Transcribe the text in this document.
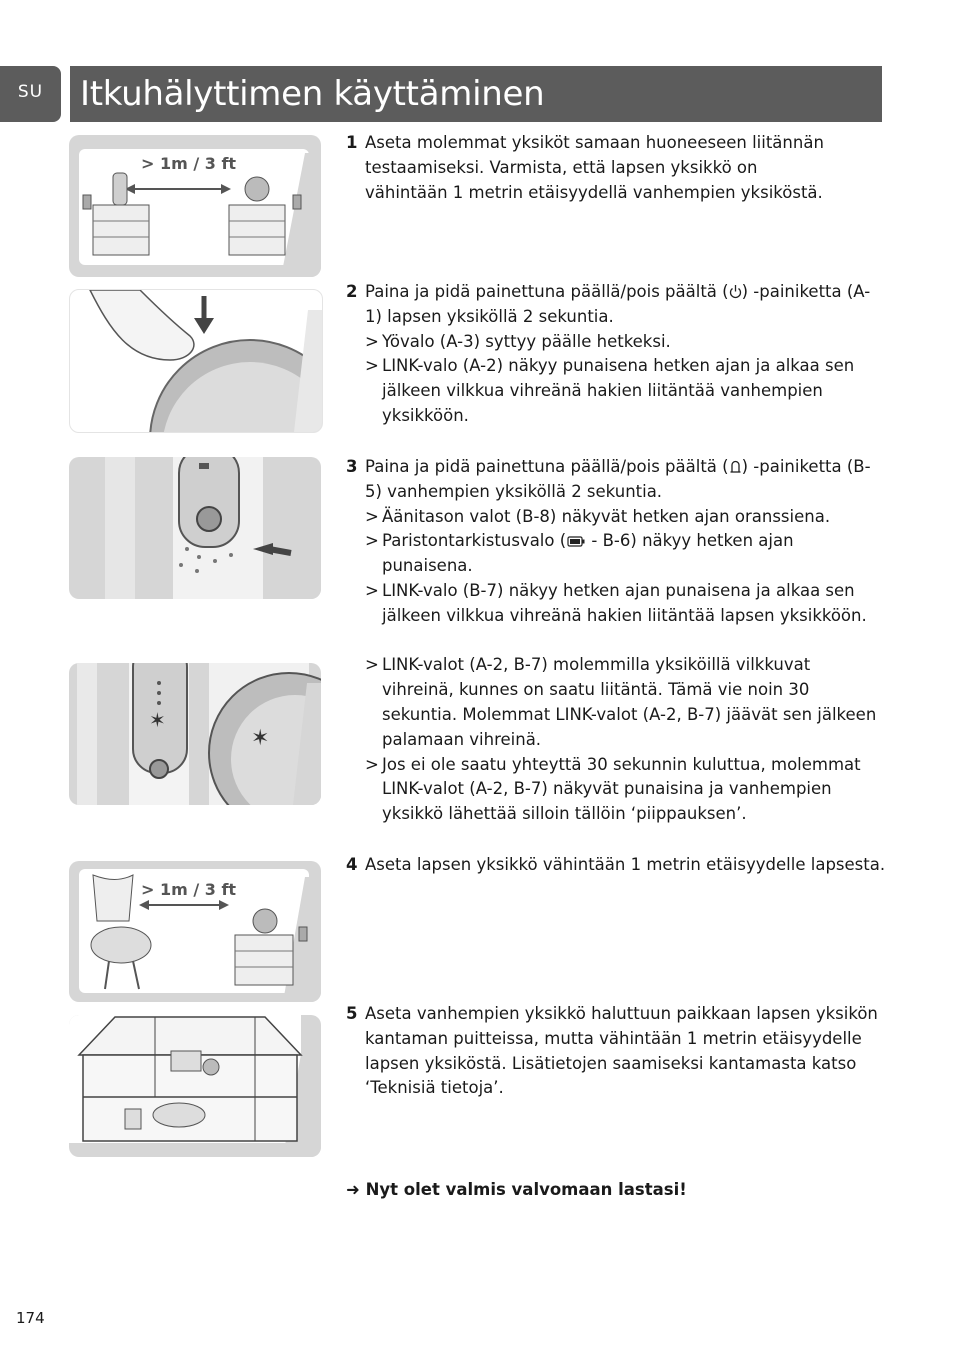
SU	Itkuhälyttimen käyttäminen
> 1m / 3 ft
✶
✶
> 1m / 3 ft
1 Aseta molemmat yksiköt samaan huoneeseen liitännän testaamiseksi. Varmista, että lapsen yksikkö on vähintään 1 metrin etäisyydellä vanhempien yksiköstä.
2 Paina ja pidä painettuna päällä/pois päältä ( ) -painiketta (A-1) lapsen yksiköllä 2 sekuntia.
> Yövalo (A-3) syttyy päälle hetkeksi.
> LINK-valo (A-2) näkyy punaisena hetken ajan ja alkaa sen jälkeen vilkkua vihreänä hakien liitäntää vanhempien yksikköön.
3 Paina ja pidä painettuna päällä/pois päältä ( ) -painiketta (B-5) vanhempien yksiköllä 2 sekuntia.
> Äänitason valot (B-8) näkyvät hetken ajan oranssiena.
> Paristontarkistusvalo ( - B-6) näkyy hetken ajan punaisena.
> LINK-valo (B-7) näkyy hetken ajan punaisena ja alkaa sen jälkeen vilkkua vihreänä hakien liitäntää lapsen yksikköön.
> LINK-valot (A-2, B-7) molemmilla yksiköillä vilkkuvat vihreinä, kunnes on saatu liitäntä. Tämä vie noin 30 sekuntia. Molemmat LINK-valot (A-2, B-7) jäävät sen jälkeen palamaan vihreinä.
> Jos ei ole saatu yhteyttä 30 sekunnin kuluttua, molemmat LINK-valot (A-2, B-7) näkyvät punaisina ja vanhempien yksikkö lähettää silloin tällöin ‘piippauksen’.
4 Aseta lapsen yksikkö vähintään 1 metrin etäisyydelle lapsesta.
5 Aseta vanhempien yksikkö haluttuun paikkaan lapsen yksikön kantaman puitteissa, mutta vähintään 1 metrin etäisyydelle lapsen yksiköstä. Lisätietojen saamiseksi kantamasta katso ‘Teknisiä tietoja’.
➜ Nyt olet valmis valvomaan lastasi!
174
